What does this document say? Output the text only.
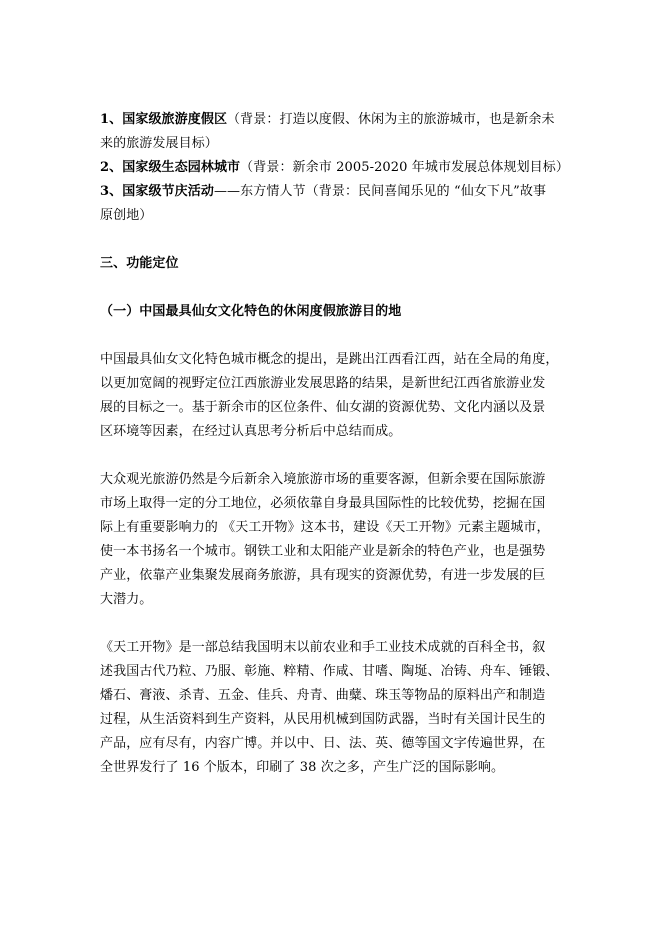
1、国家级旅游度假区（背景：打造以度假、休闲为主的旅游城市，也是新余未
来的旅游发展目标）
2、国家级生态园林城市（背景：新余市 2005-2020 年城市发展总体规划目标）
3、国家级节庆活动——东方情人节（背景：民间喜闻乐见的 “仙女下凡”故事
原创地）
三、功能定位
（一）中国最具仙女文化特色的休闲度假旅游目的地
中国最具仙女文化特色城市概念的提出，是跳出江西看江西，站在全局的角度，
以更加宽阔的视野定位江西旅游业发展思路的结果，是新世纪江西省旅游业发
展的目标之一。基于新余市的区位条件、仙女湖的资源优势、文化内涵以及景
区环境等因素，在经过认真思考分析后中总结而成。
大众观光旅游仍然是今后新余入境旅游市场的重要客源，但新余要在国际旅游
市场上取得一定的分工地位，必须依靠自身最具国际性的比较优势，挖掘在国
际上有重要影响力的 《天工开物》这本书，建设《天工开物》元素主题城市，
使一本书扬名一个城市。钢铁工业和太阳能产业是新余的特色产业，也是强势
产业，依靠产业集聚发展商务旅游，具有现实的资源优势，有进一步发展的巨
大潜力。
《天工开物》是一部总结我国明末以前农业和手工业技术成就的百科全书，叙
述我国古代乃粒、乃服、彰施、粹精、作咸、甘嗜、陶埏、冶铸、舟车、锤锻、
燔石、膏液、杀青、五金、佳兵、舟青、曲糵、珠玉等物品的原料出产和制造
过程，从生活资料到生产资料，从民用机械到国防武器，当时有关国计民生的
产品，应有尽有，内容广博。并以中、日、法、英、德等国文字传遍世界，在
全世界发行了 16 个版本，印刷了 38 次之多，产生广泛的国际影响。
